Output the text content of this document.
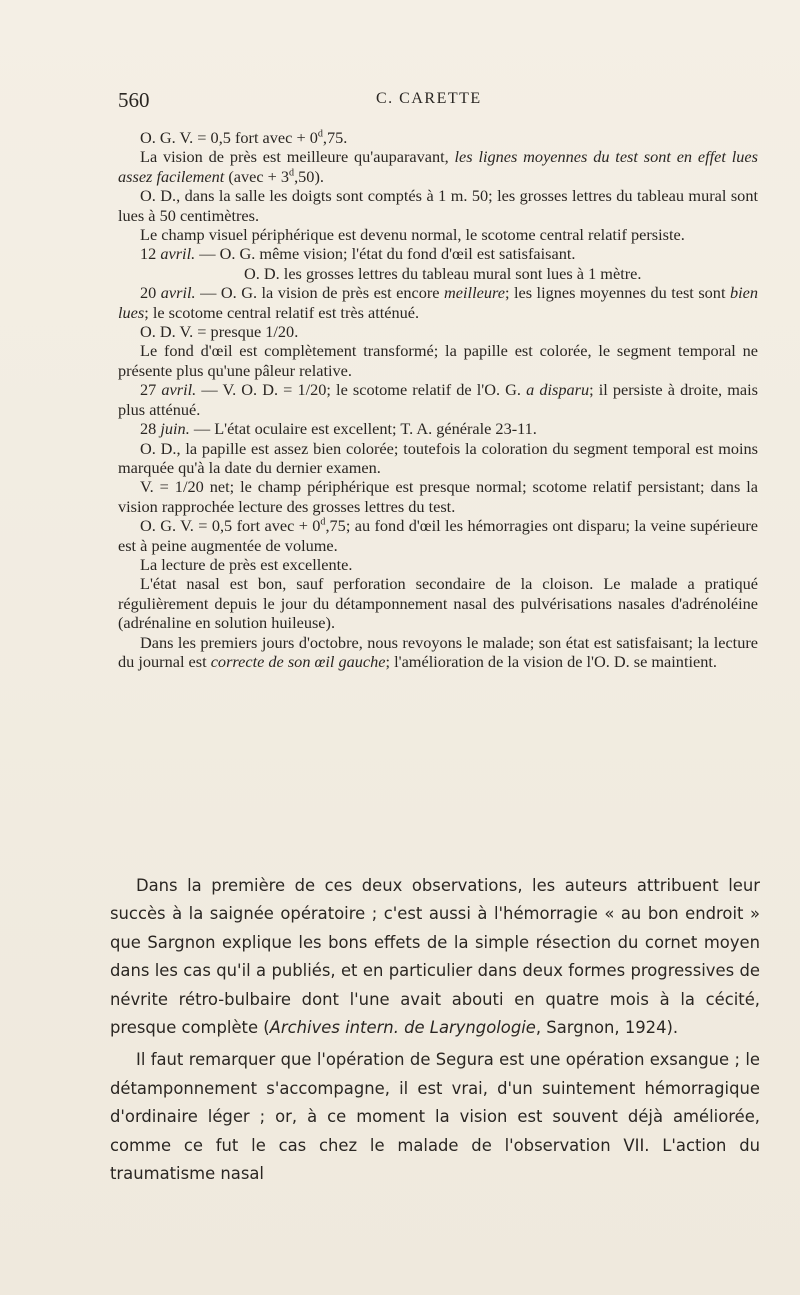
560	C. CARETTE

O. G. V. = 0,5 fort avec + $0^d,75$.

La vision de près est meilleure qu'auparavant, les lignes moyennes du test sont en effet lues assez facilement (avec + $3^d,50$).

O. D., dans la salle les doigts sont comptés à 1 m. 50; les grosses lettres du tableau mural sont lues à 50 centimètres.

Le champ visuel périphérique est devenu normal, le scotome central relatif persiste.

12 avril. — O. G. même vision; l'état du fond d'œil est satisfaisant.

O. D. les grosses lettres du tableau mural sont lues à 1 mètre.

20 avril. — O. G. la vision de près est encore meilleure; les lignes moyennes du test sont bien lues; le scotome central relatif est très atténué.

O. D. V. = presque 1/20.

Le fond d'œil est complètement transformé; la papille est colorée, le segment temporal ne présente plus qu'une pâleur relative.

27 avril. — V. O. D. = 1/20; le scotome relatif de l'O. G. a disparu; il persiste à droite, mais plus atténué.

28 juin. — L'état oculaire est excellent; T. A. générale 23-11.

O. D., la papille est assez bien colorée; toutefois la coloration du segment temporal est moins marquée qu'à la date du dernier examen.

V. = 1/20 net; le champ périphérique est presque normal; scotome relatif persistant; dans la vision rapprochée lecture des grosses lettres du test.

O. G. V. = 0,5 fort avec + $0^d,75$; au fond d'œil les hémorragies ont disparu; la veine supérieure est à peine augmentée de volume.

La lecture de près est excellente.

L'état nasal est bon, sauf perforation secondaire de la cloison. Le malade a pratiqué régulièrement depuis le jour du détamponnement nasal des pulvérisations nasales d'adrénoléine (adrénaline en solution huileuse).

Dans les premiers jours d'octobre, nous revoyons le malade; son état est satisfaisant; la lecture du journal est correcte de son œil gauche; l'amélioration de la vision de l'O. D. se maintient.

Dans la première de ces deux observations, les auteurs attribuent leur succès à la saignée opératoire ; c'est aussi à l'hémorragie « au bon endroit » que Sargnon explique les bons effets de la simple résection du cornet moyen dans les cas qu'il a publiés, et en particulier dans deux formes progressives de névrite rétro-bulbaire dont l'une avait abouti en quatre mois à la cécité, presque complète (Archives intern. de Laryngologie, Sargnon, 1924).

Il faut remarquer que l'opération de Segura est une opération exsangue ; le détamponnement s'accompagne, il est vrai, d'un suintement hémorragique d'ordinaire léger ; or, à ce moment la vision est souvent déjà améliorée, comme ce fut le cas chez le malade de l'observation VII. L'action du traumatisme nasal
